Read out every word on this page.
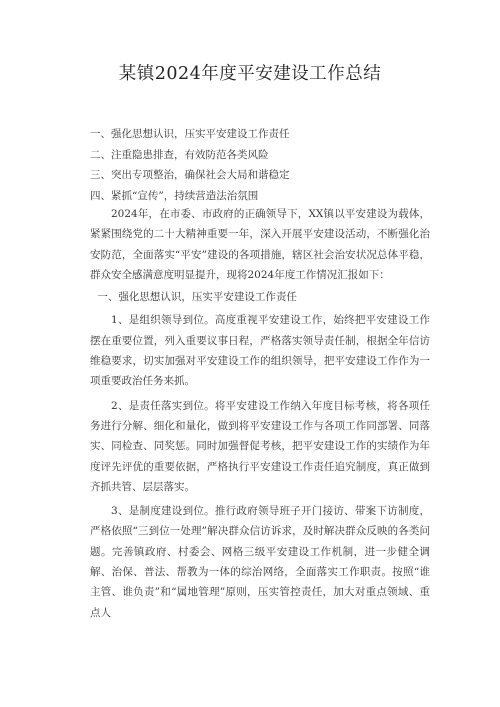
某镇2024年度平安建设工作总结
一、强化思想认识，压实平安建设工作责任
二、注重隐患排查，有效防范各类风险
三、突出专项整治，确保社会大局和谐稳定
四、紧抓“宣传”，持续营造法治氛围

2024年，在市委、市政府的正确领导下，XX镇以平安建设为载体，紧紧围绕党的二十大精神重要一年，深入开展平安建设活动，不断强化治安防范，全面落实“平安”建设的各项措施，辖区社会治安状况总体平稳，群众安全感满意度明显提升，现将2024年度工作情况汇报如下：

一、强化思想认识，压实平安建设工作责任

1、是组织领导到位。高度重视平安建设工作，始终把平安建设工作摆在重要位置，列入重要议事日程，严格落实领导责任制，根据全年信访维稳要求，切实加强对平安建设工作的组织领导，把平安建设工作作为一项重要政治任务来抓。

2、是责任落实到位。将平安建设工作纳入年度目标考核，将各项任务进行分解、细化和量化，做到将平安建设工作与各项工作同部署、同落实、同检查、同奖惩。同时加强督促考核，把平安建设工作的实绩作为年度评先评优的重要依据，严格执行平安建设工作责任追究制度，真正做到齐抓共管、层层落实。

3、是制度建设到位。推行政府领导班子开门接访、带案下访制度，严格依照“三到位一处理”解决群众信访诉求，及时解决群众反映的各类问题。完善镇政府、村委会、网格三级平安建设工作机制，进一步健全调解、治保、普法、帮教为一体的综治网络，全面落实工作职责。按照“谁主管、谁负责”和“属地管理”原则，压实管控责任，加大对重点领域、重点人
